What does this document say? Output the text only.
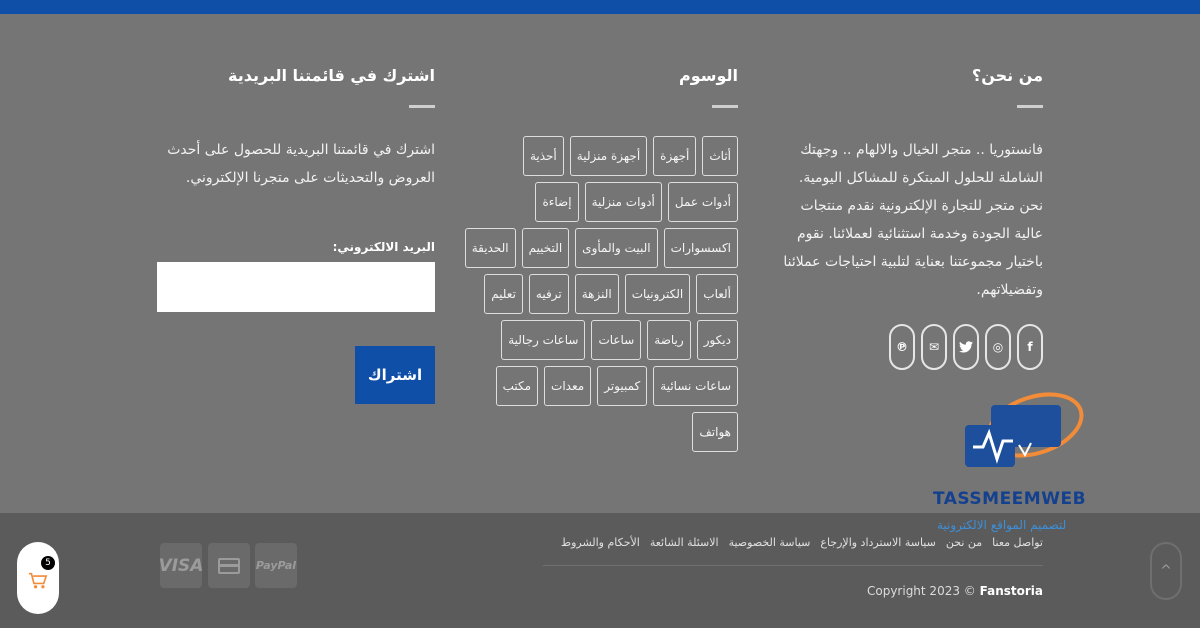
من نحن؟
فانستوريا .. متجر الخيال والالهام .. وجهتك الشاملة للحلول المبتكرة للمشاكل اليومية. نحن متجر للتجارة الإلكترونية نقدم منتجات عالية الجودة وخدمة استثنائية لعملائنا. نقوم باختيار مجموعتنا بعناية لتلبية احتياجات عملائنا وتفضيلاتهم.
f
◎
✉
℗
الوسوم
أثاث
أجهزة
أجهزة منزلية
أحذية
أدوات عمل
أدوات منزلية
إضاءة
اكسسوارات
البيت والمأوى
التخييم
الحديقة
ألعاب
الكترونيات
النزهة
ترفيه
تعليم
ديكور
رياضة
ساعات
ساعات رجالية
ساعات نسائية
كمبيوتر
معدات
مكتب
هواتف
اشترك في قائمتنا البريدية
اشترك في قائمتنا البريدية للحصول على أحدث العروض والتحديثات على متجرنا الإلكتروني.
البريد الالكتروني:
اشتراك
تواصل معنا
من نحن
سياسة الاسترداد والإرجاع
سياسة الخصوصية
الاسئلة الشائعة
الأحكام والشروط
Copyright 2023 © Fanstoria
VISA	PayPal	^
5
TASSMEEMWEB
لتصميم المواقع الالكترونية
